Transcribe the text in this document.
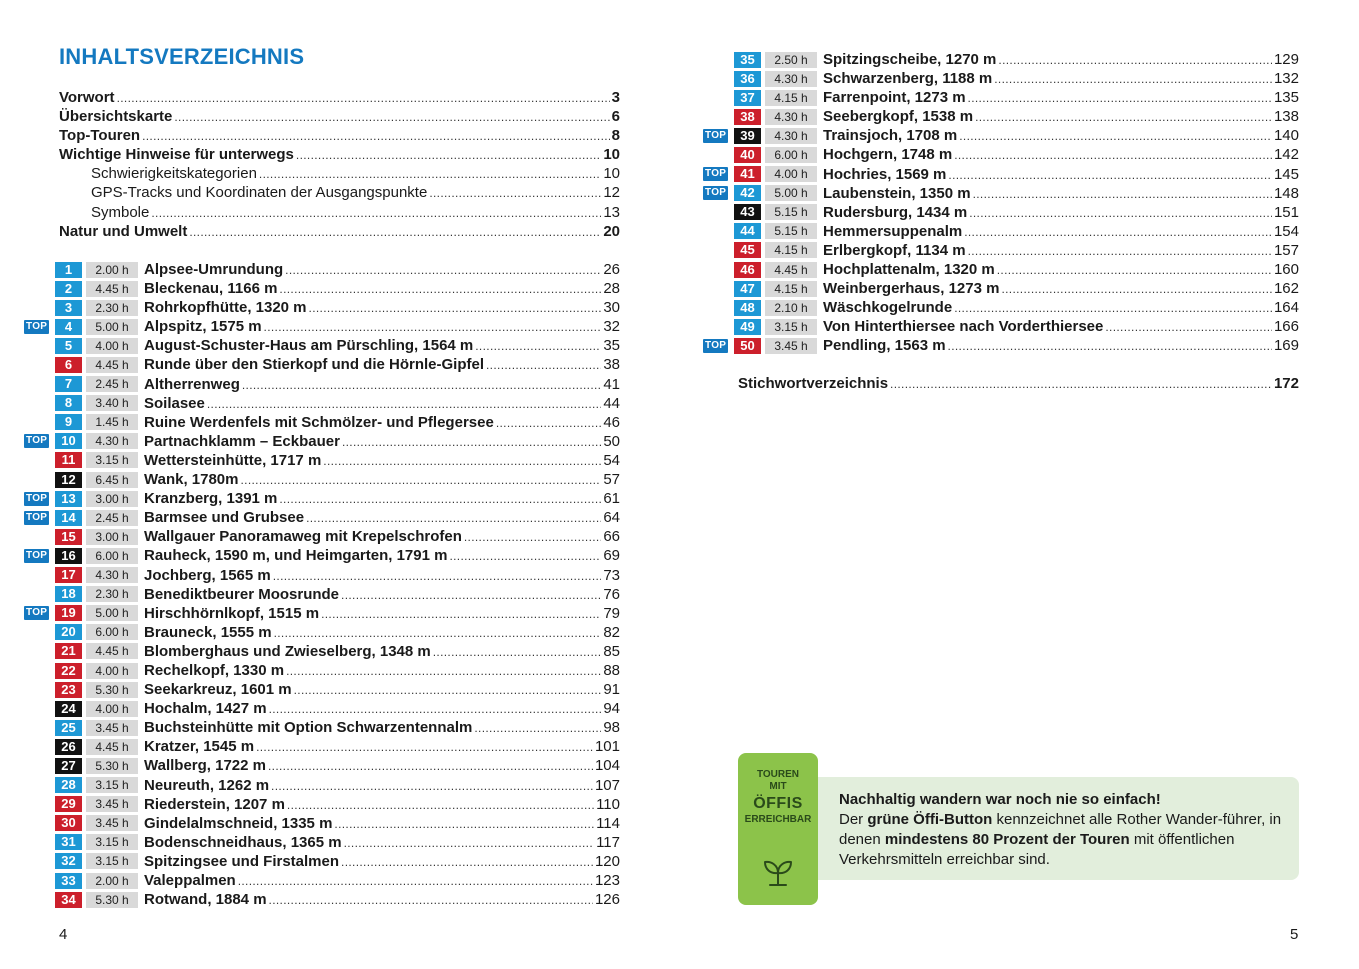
INHALTSVERZEICHNIS
Vorwort . . .	3
Übersichtskarte . . .	6
Top-Touren . . .	8
Wichtige Hinweise für unterwegs . . .	10
Schwierigkeitskategorien . . .	10
GPS-Tracks und Koordinaten der Ausgangspunkte . . .	12
Symbole . . .	13
Natur und Umwelt . . .	20
1	2.00 h	Alpsee-Umrundung . . .	26
2	4.45 h	Bleckenau, 1166 m . . .	28
3	2.30 h	Rohrkopfhütte, 1320 m . . .	30
TOP	4	5.00 h	Alpspitz, 1575 m . . .	32
5	4.00 h	August-Schuster-Haus am Pürschling, 1564 m . . .	35
6	4.45 h	Runde über den Stierkopf und die Hörnle-Gipfel . . .	38
7	2.45 h	Altherrenweg . . .	41
8	3.40 h	Soilasee . . .	44
9	1.45 h	Ruine Werdenfels mit Schmölzer- und Pflegersee . . .	46
TOP	10	4.30 h	Partnachklamm – Eckbauer . . .	50
11	3.15 h	Wettersteinhütte, 1717 m . . .	54
12	6.45 h	Wank, 1780m . . .	57
TOP	13	3.00 h	Kranzberg, 1391 m . . .	61
TOP	14	2.45 h	Barmsee und Grubsee . . .	64
15	3.00 h	Wallgauer Panoramaweg mit Krepelschrofen . . .	66
TOP	16	6.00 h	Rauheck, 1590 m, und Heimgarten, 1791 m . . .	69
17	4.30 h	Jochberg, 1565 m . . .	73
18	2.30 h	Benediktbeurer Moosrunde . . .	76
TOP	19	5.00 h	Hirschhörnlkopf, 1515 m . . .	79
20	6.00 h	Brauneck, 1555 m . . .	82
21	4.45 h	Blomberghaus und Zwieselberg, 1348 m . . .	85
22	4.00 h	Rechelkopf, 1330 m . . .	88
23	5.30 h	Seekarkreuz, 1601 m . . .	91
24	4.00 h	Hochalm, 1427 m . . .	94
25	3.45 h	Buchsteinhütte mit Option Schwarzentennalm . . .	98
26	4.45 h	Kratzer, 1545 m . . .	101
27	5.30 h	Wallberg, 1722 m . . .	104
28	3.15 h	Neureuth, 1262 m . . .	107
29	3.45 h	Riederstein, 1207 m . . .	110
30	3.45 h	Gindelalmschneid, 1335 m . . .	114
31	3.15 h	Bodenschneidhaus, 1365 m . . .	117
32	3.15 h	Spitzingsee und Firstalmen . . .	120
33	2.00 h	Valeppalmen . . .	123
34	5.30 h	Rotwand, 1884 m . . .	126
35	2.50 h	Spitzingscheibe, 1270 m . . .	129
36	4.30 h	Schwarzenberg, 1188 m . . .	132
37	4.15 h	Farrenpoint, 1273 m . . .	135
38	4.30 h	Seebergkopf, 1538 m . . .	138
TOP	39	4.30 h	Trainsjoch, 1708 m . . .	140
40	6.00 h	Hochgern, 1748 m . . .	142
TOP	41	4.00 h	Hochries, 1569 m . . .	145
TOP	42	5.00 h	Laubenstein, 1350 m . . .	148
43	5.15 h	Rudersburg, 1434 m . . .	151
44	5.15 h	Hemmersuppenalm . . .	154
45	4.15 h	Erlbergkopf, 1134 m . . .	157
46	4.45 h	Hochplattenalm, 1320 m . . .	160
47	4.15 h	Weinbergerhaus, 1273 m . . .	162
48	2.10 h	Wäschkogelrunde . . .	164
49	3.15 h	Von Hinterthiersee nach Vorderthiersee . . .	166
TOP	50	3.45 h	Pendling, 1563 m . . .	169
Stichwortverzeichnis . . .	172
TOUREN
MIT
ÖFFIS
ERREICHBAR
Nachhaltig wandern war noch nie so einfach!
Der grüne Öffi-Button kennzeichnet alle Rother Wander-führer, in denen mindestens 80 Prozent der Touren mit öffentlichen Verkehrsmitteln erreichbar sind.
4	5
